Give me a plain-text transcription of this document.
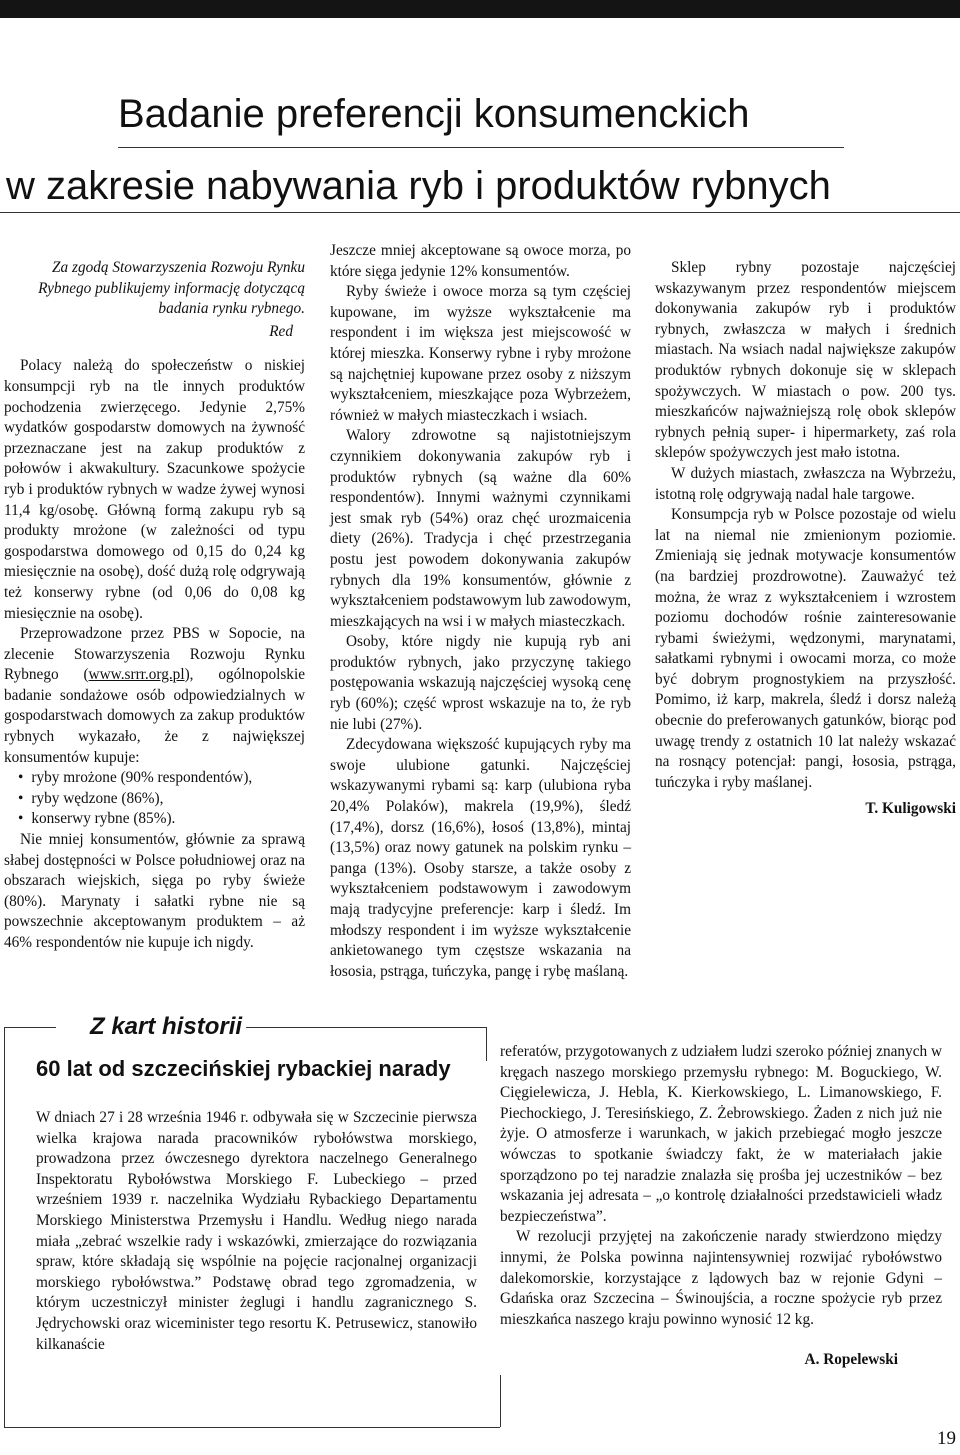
Badanie preferencji konsumenckich
w zakresie nabywania ryb i produktów rybnych

Za zgodą Stowarzyszenia Rozwoju Rynku Rybnego publikujemy informację dotyczącą badania rynku rybnego.

Red

Polacy należą do społeczeństw o niskiej konsumpcji ryb na tle innych produktów pochodzenia zwierzęcego. Jedynie 2,75% wydatków gospodarstw domowych na żywność przeznaczane jest na zakup produktów z połowów i akwakultury. Szacunkowe spożycie ryb i produktów rybnych w wadze żywej wynosi 11,4 kg/osobę. Główną formą zakupu ryb są produkty mrożone (w zależności od typu gospodarstwa domowego od 0,15 do 0,24 kg miesięcznie na osobę), dość dużą rolę odgrywają też konserwy rybne (od 0,06 do 0,08 kg miesięcznie na osobę).

Przeprowadzone przez PBS w Sopocie, na zlecenie Stowarzyszenia Rozwoju Rynku Rybnego (www.srrr.org.pl), ogólnopolskie badanie sondażowe osób odpowiedzialnych w gospodarstwach domowych za zakup produktów rybnych wykazało, że z największej konsumentów kupuje:

• ryby mrożone (90% respondentów),
• ryby wędzone (86%),
• konserwy rybne (85%).

Nie mniej konsumentów, głównie za sprawą słabej dostępności w Polsce południowej oraz na obszarach wiejskich, sięga po ryby świeże (80%). Marynaty i sałatki rybne nie są powszechnie akceptowanym produktem – aż 46% respondentów nie kupuje ich nigdy.

Jeszcze mniej akceptowane są owoce morza, po które sięga jedynie 12% konsumentów.

Ryby świeże i owoce morza są tym częściej kupowane, im wyższe wykształcenie ma respondent i im większa jest miejscowość w której mieszka. Konserwy rybne i ryby mrożone są najchętniej kupowane przez osoby z niższym wykształceniem, mieszkające poza Wybrzeżem, również w małych miasteczkach i wsiach.

Walory zdrowotne są najistotniejszym czynnikiem dokonywania zakupów ryb i produktów rybnych (są ważne dla 60% respondentów). Innymi ważnymi czynnikami jest smak ryb (54%) oraz chęć urozmaicenia diety (26%). Tradycja i chęć przestrzegania postu jest powodem dokonywania zakupów rybnych dla 19% konsumentów, głównie z wykształceniem podstawowym lub zawodowym, mieszkających na wsi i w małych miasteczkach.

Osoby, które nigdy nie kupują ryb ani produktów rybnych, jako przyczynę takiego postępowania wskazują najczęściej wysoką cenę ryb (60%); część wprost wskazuje na to, że ryb nie lubi (27%).

Zdecydowana większość kupujących ryby ma swoje ulubione gatunki. Najczęściej wskazywanymi rybami są: karp (ulubiona ryba 20,4% Polaków), makrela (19,9%), śledź (17,4%), dorsz (16,6%), łosoś (13,8%), mintaj (13,5%) oraz nowy gatunek na polskim rynku – panga (13%). Osoby starsze, a także osoby z wykształceniem podstawowym i zawodowym mają tradycyjne preferencje: karp i śledź. Im młodszy respondent i im wyższe wykształcenie ankietowanego tym częstsze wskazania na łososia, pstrąga, tuńczyka, pangę i rybę maślaną.

Sklep rybny pozostaje najczęściej wskazywanym przez respondentów miejscem dokonywania zakupów ryb i produktów rybnych, zwłaszcza w małych i średnich miastach. Na wsiach nadal największe zakupów produktów rybnych dokonuje się w sklepach spożywczych. W miastach o pow. 200 tys. mieszkańców najważniejszą rolę obok sklepów rybnych pełnią super- i hipermarkety, zaś rola sklepów spożywczych jest mało istotna.

W dużych miastach, zwłaszcza na Wybrzeżu, istotną rolę odgrywają nadal hale targowe.

Konsumpcja ryb w Polsce pozostaje od wielu lat na niemal nie zmienionym poziomie. Zmieniają się jednak motywacje konsumentów (na bardziej prozdrowotne). Zauważyć też można, że wraz z wykształceniem i wzrostem poziomu dochodów rośnie zainteresowanie rybami świeżymi, wędzonymi, marynatami, sałatkami rybnymi i owocami morza, co może być dobrym prognostykiem na przyszłość. Pomimo, iż karp, makrela, śledź i dorsz należą obecnie do preferowanych gatunków, biorąc pod uwagę trendy z ostatnich 10 lat należy wskazać na rosnący potencjał: pangi, łososia, pstrąga, tuńczyka i ryby maślanej.

T. Kuligowski

Z kart historii
60 lat od szczecińskiej rybackiej narady

W dniach 27 i 28 września 1946 r. odbywała się w Szczecinie pierwsza wielka krajowa narada pracowników rybołówstwa morskiego, prowadzona przez ówczesnego dyrektora naczelnego Generalnego Inspektoratu Rybołówstwa Morskiego F. Lubeckiego – przed wrześniem 1939 r. naczelnika Wydziału Rybackiego Departamentu Morskiego Ministerstwa Przemysłu i Handlu. Według niego narada miała „zebrać wszelkie rady i wskazówki, zmierzające do rozwiązania spraw, które składają się wspólnie na pojęcie racjonalnej organizacji morskiego rybołówstwa.” Podstawę obrad tego zgromadzenia, w którym uczestniczył minister żeglugi i handlu zagranicznego S. Jędrychowski oraz wiceminister tego resortu K. Petrusewicz, stanowiło kilkanaście

referatów, przygotowanych z udziałem ludzi szeroko później znanych w kręgach naszego morskiego przemysłu rybnego: M. Boguckiego, W. Cięgielewicza, J. Hebla, K. Kierkowskiego, L. Limanowskiego, F. Piechockiego, J. Teresińskiego, Z. Żebrowskiego. Żaden z nich już nie żyje. O atmosferze i warunkach, w jakich przebiegać mogło jeszcze wówczas to spotkanie świadczy fakt, że w materiałach jakie sporządzono po tej naradzie znalazła się prośba jej uczestników – bez wskazania jej adresata – „o kontrolę działalności przedstawicieli władz bezpieczeństwa”.

W rezolucji przyjętej na zakończenie narady stwierdzono między innymi, że Polska powinna najintensywniej rozwijać rybołówstwo dalekomorskie, korzystające z lądowych baz w rejonie Gdyni – Gdańska oraz Szczecina – Świnoujścia, a roczne spożycie ryb przez mieszkańca naszego kraju powinno wynosić 12 kg.

A. Ropelewski

19
